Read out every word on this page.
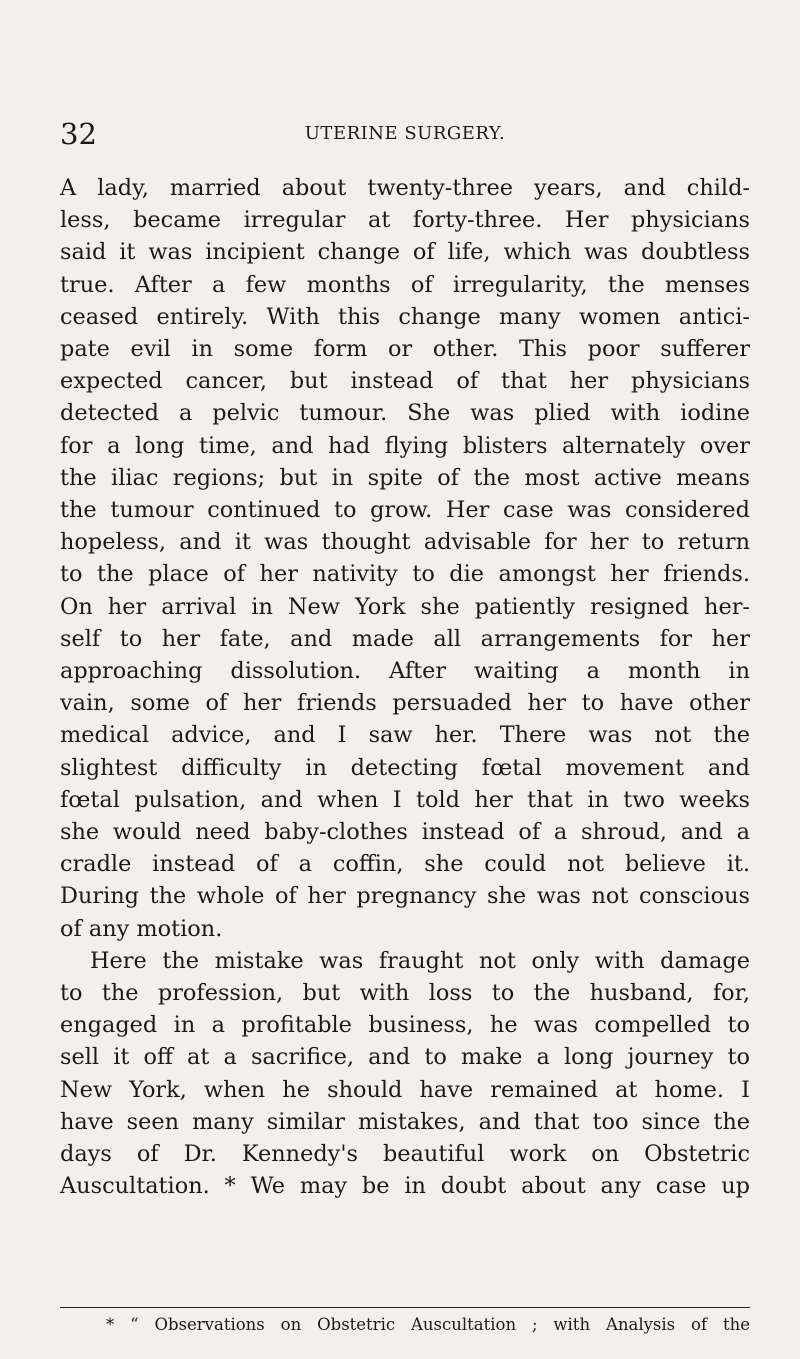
32	UTERINE SURGERY.
A lady, married about twenty-three years, and child-
less, became irregular at forty-three. Her physicians
said it was incipient change of life, which was doubtless
true. After a few months of irregularity, the menses
ceased entirely. With this change many women antici-
pate evil in some form or other. This poor sufferer
expected cancer, but instead of that her physicians
detected a pelvic tumour. She was plied with iodine
for a long time, and had flying blisters alternately over
the iliac regions; but in spite of the most active means
the tumour continued to grow. Her case was considered
hopeless, and it was thought advisable for her to return
to the place of her nativity to die amongst her friends.
On her arrival in New York she patiently resigned her-
self to her fate, and made all arrangements for her
approaching dissolution. After waiting a month in
vain, some of her friends persuaded her to have other
medical advice, and I saw her. There was not the
slightest difficulty in detecting fœtal movement and
fœtal pulsation, and when I told her that in two weeks
she would need baby-clothes instead of a shroud, and a
cradle instead of a coffin, she could not believe it.
During the whole of her pregnancy she was not conscious
of any motion.
Here the mistake was fraught not only with damage
to the profession, but with loss to the husband, for,
engaged in a profitable business, he was compelled to
sell it off at a sacrifice, and to make a long journey to
New York, when he should have remained at home. I
have seen many similar mistakes, and that too since the
days of Dr. Kennedy's beautiful work on Obstetric
Auscultation. * We may be in doubt about any case up
* “ Observations on Obstetric Auscultation ; with Analysis of the
